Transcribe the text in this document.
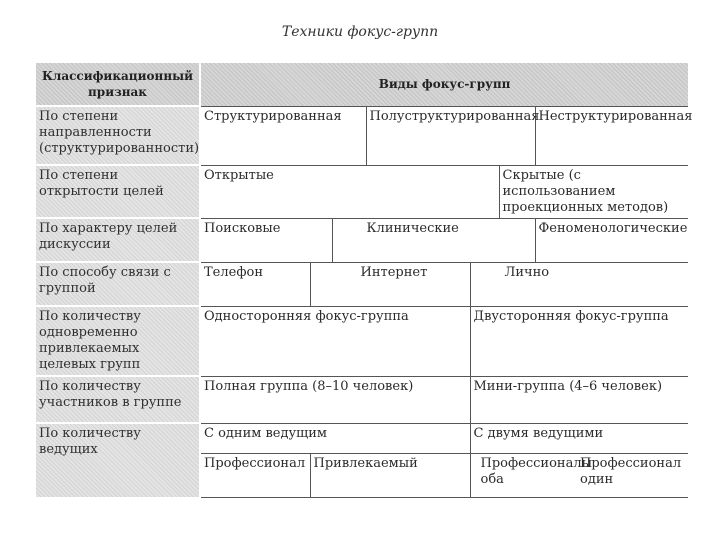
Техники фокус-групп
Классификационный признак	Виды фокус-групп						
По степени направленности (структурированности)	Структурированная			Полуструктурированная			Неструктурированная
По степени открытости целей	Открытые					Скрытые (с использованием проекционных методов)	
По характеру целей дискуссии	Поисковые		Клинические				Феноменологические
По способу связи с группой	Телефон	Интернет			Лично		
По количеству одновременно привлекаемых целевых групп	Односторонняя фокус-группа				Двусторонняя фокус-группа		
По количеству участников в группе	Полная группа (8–10 человек)				Мини-группа (4–6 человек)		
По количеству ведущих	С одним ведущим				С двумя ведущими		
	Профессионал	Привлекаемый			Профессионалы оба		Профессионал один
